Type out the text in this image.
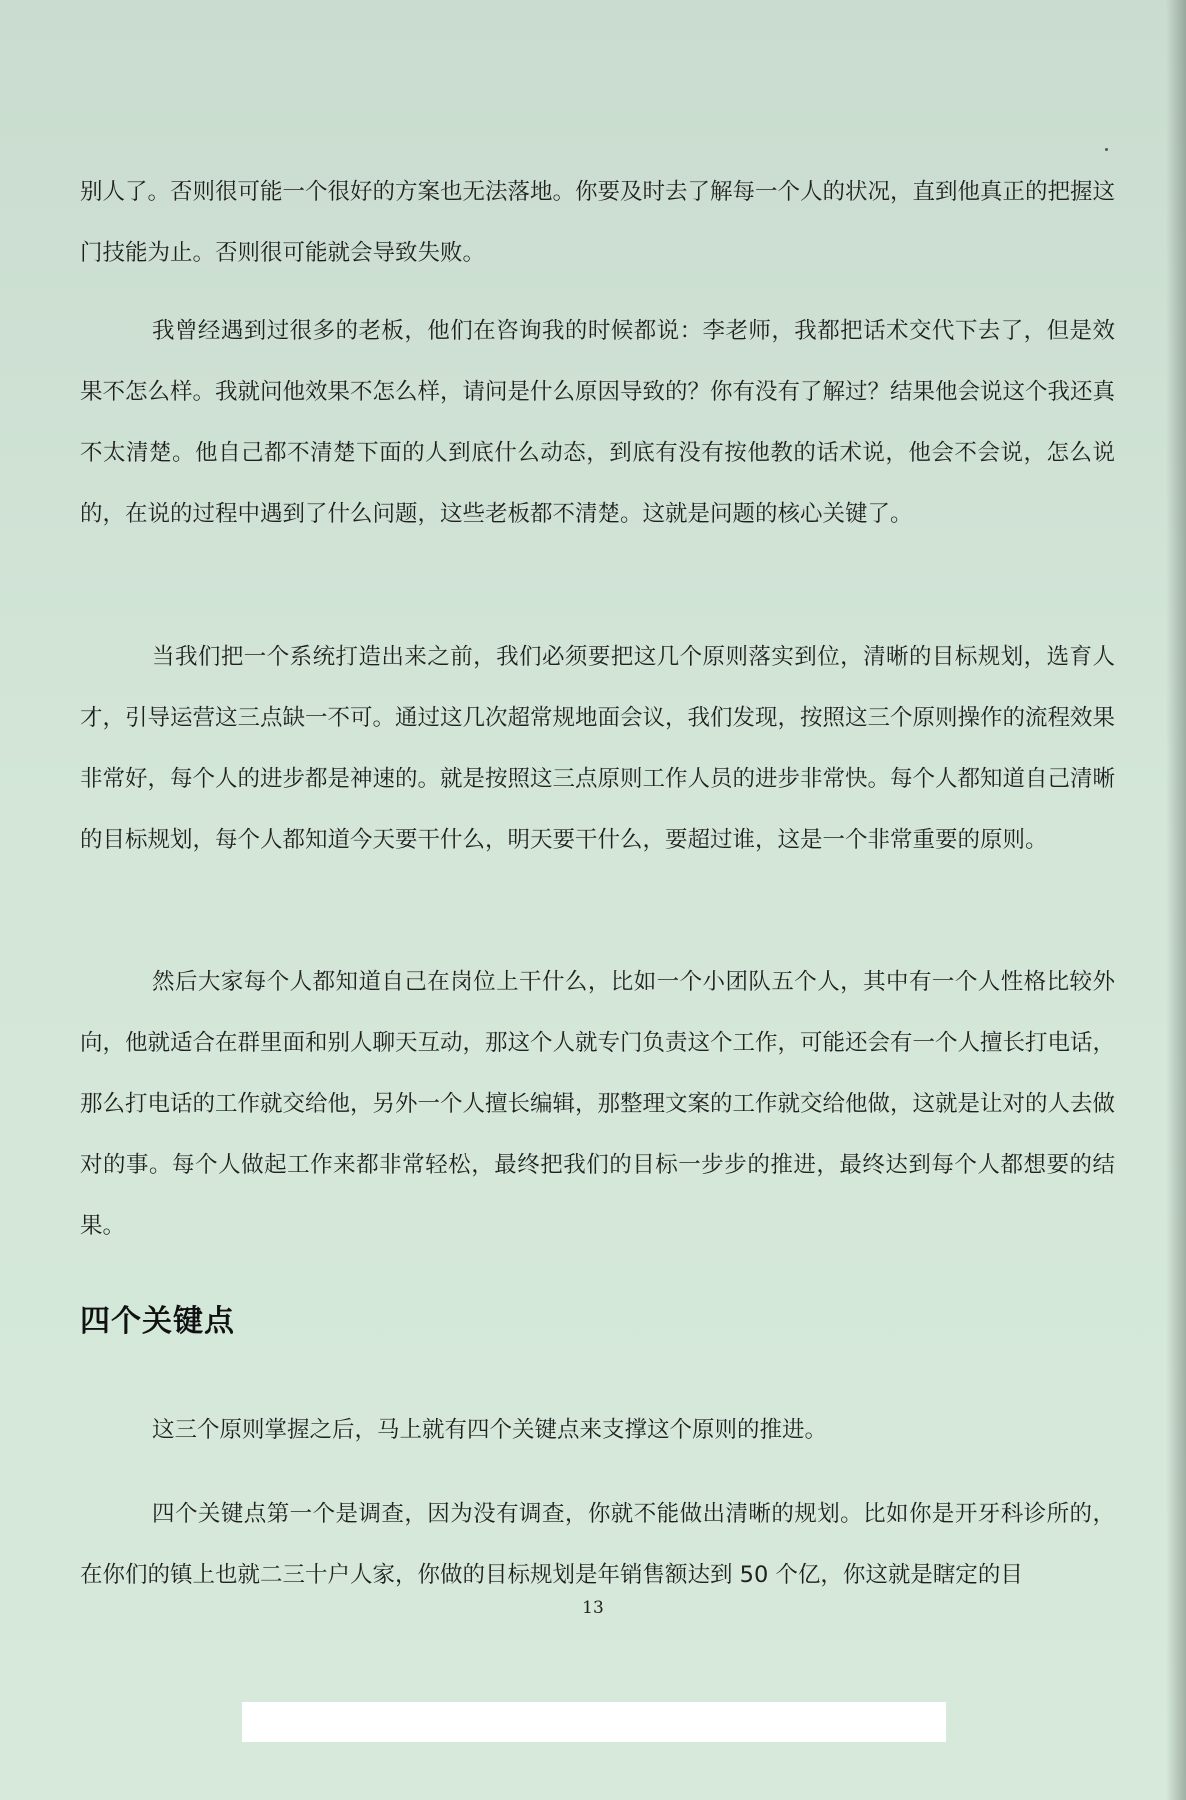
别人了。否则很可能一个很好的方案也无法落地。你要及时去了解每一个人的状况，直到他真正的把握这门技能为止。否则很可能就会导致失败。
我曾经遇到过很多的老板，他们在咨询我的时候都说：李老师，我都把话术交代下去了，但是效果不怎么样。我就问他效果不怎么样，请问是什么原因导致的？你有没有了解过？结果他会说这个我还真不太清楚。他自己都不清楚下面的人到底什么动态，到底有没有按他教的话术说，他会不会说，怎么说的，在说的过程中遇到了什么问题，这些老板都不清楚。这就是问题的核心关键了。
当我们把一个系统打造出来之前，我们必须要把这几个原则落实到位，清晰的目标规划，选育人才，引导运营这三点缺一不可。通过这几次超常规地面会议，我们发现，按照这三个原则操作的流程效果非常好，每个人的进步都是神速的。就是按照这三点原则工作人员的进步非常快。每个人都知道自己清晰的目标规划，每个人都知道今天要干什么，明天要干什么，要超过谁，这是一个非常重要的原则。
然后大家每个人都知道自己在岗位上干什么，比如一个小团队五个人，其中有一个人性格比较外向，他就适合在群里面和别人聊天互动，那这个人就专门负责这个工作，可能还会有一个人擅长打电话，那么打电话的工作就交给他，另外一个人擅长编辑，那整理文案的工作就交给他做，这就是让对的人去做对的事。每个人做起工作来都非常轻松，最终把我们的目标一步步的推进，最终达到每个人都想要的结果。
四个关键点
这三个原则掌握之后，马上就有四个关键点来支撑这个原则的推进。
四个关键点第一个是调查，因为没有调查，你就不能做出清晰的规划。比如你是开牙科诊所的，在你们的镇上也就二三十户人家，你做的目标规划是年销售额达到 50 个亿，你这就是瞎定的目
13
